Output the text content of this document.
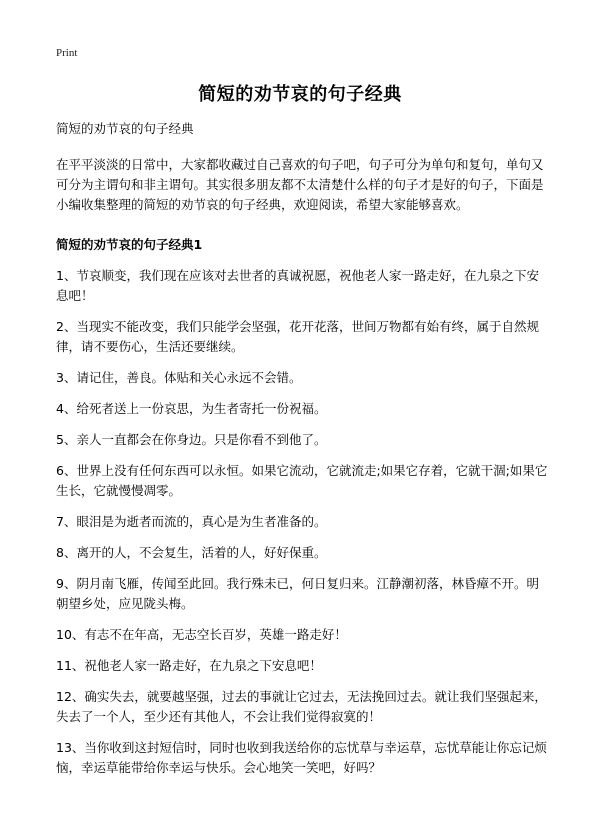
Print
简短的劝节哀的句子经典

简短的劝节哀的句子经典

在平平淡淡的日常中，大家都收藏过自己喜欢的句子吧，句子可分为单句和复句，单句又可分为主谓句和非主谓句。其实很多朋友都不太清楚什么样的句子才是好的句子，下面是小编收集整理的简短的劝节哀的句子经典，欢迎阅读，希望大家能够喜欢。

简短的劝节哀的句子经典1

1、节哀顺变，我们现在应该对去世者的真诚祝愿，祝他老人家一路走好，在九泉之下安息吧！

2、当现实不能改变，我们只能学会坚强，花开花落，世间万物都有始有终，属于自然规律，请不要伤心，生活还要继续。

3、请记住，善良。体贴和关心永远不会错。

4、给死者送上一份哀思，为生者寄托一份祝福。

5、亲人一直都会在你身边。只是你看不到他了。

6、世界上没有任何东西可以永恒。如果它流动，它就流走;如果它存着，它就干涸;如果它生长，它就慢慢凋零。

7、眼泪是为逝者而流的，真心是为生者准备的。

8、离开的人，不会复生，活着的人，好好保重。

9、阴月南飞雁，传闻至此回。我行殊未已，何日复归来。江静潮初落，林昏瘴不开。明朝望乡处，应见陇头梅。

10、有志不在年高，无志空长百岁，英雄一路走好！

11、祝他老人家一路走好，在九泉之下安息吧！

12、确实失去，就要越坚强，过去的事就让它过去，无法挽回过去。就让我们坚强起来，失去了一个人，至少还有其他人，不会让我们觉得寂寞的！

13、当你收到这封短信时，同时也收到我送给你的忘忧草与幸运草，忘忧草能让你忘记烦恼，幸运草能带给你幸运与快乐。会心地笑一笑吧，好吗？
